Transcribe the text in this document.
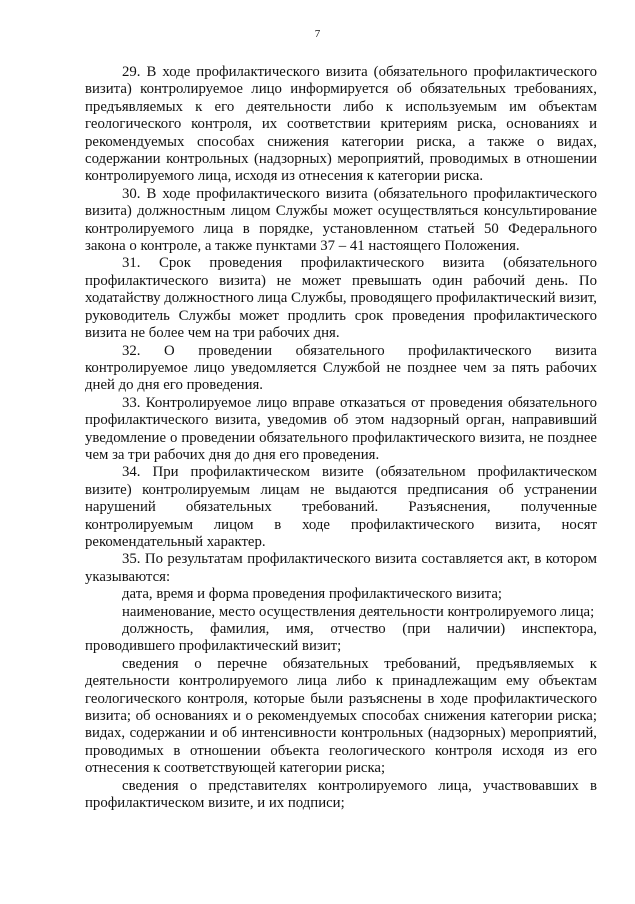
7

29. В ходе профилактического визита (обязательного профилактического визита) контролируемое лицо информируется об обязательных требованиях, предъявляемых к его деятельности либо к используемым им объектам геологического контроля, их соответствии критериям риска, основаниях и рекомендуемых способах снижения категории риска, а также о видах, содержании контрольных (надзорных) мероприятий, проводимых в отношении контролируемого лица, исходя из отнесения к категории риска.

30. В ходе профилактического визита (обязательного профилактического визита) должностным лицом Службы может осуществляться консультирование контролируемого лица в порядке, установленном статьей 50 Федерального закона о контроле, а также пунктами 37 – 41 настоящего Положения.

31. Срок проведения профилактического визита (обязательного профилактического визита) не может превышать один рабочий день. По ходатайству должностного лица Службы, проводящего профилактический визит, руководитель Службы может продлить срок проведения профилактического визита не более чем на три рабочих дня.

32. О проведении обязательного профилактического визита контролируемое лицо уведомляется Службой не позднее чем за пять рабочих дней до дня его проведения.

33. Контролируемое лицо вправе отказаться от проведения обязательного профилактического визита, уведомив об этом надзорный орган, направивший уведомление о проведении обязательного профилактического визита, не позднее чем за три рабочих дня до дня его проведения.

34. При профилактическом визите (обязательном профилактическом визите) контролируемым лицам не выдаются предписания об устранении нарушений обязательных требований. Разъяснения, полученные контролируемым лицом в ходе профилактического визита, носят рекомендательный характер.

35. По результатам профилактического визита составляется акт, в котором указываются:

дата, время и форма проведения профилактического визита;

наименование, место осуществления деятельности контролируемого лица;

должность, фамилия, имя, отчество (при наличии) инспектора, проводившего профилактический визит;

сведения о перечне обязательных требований, предъявляемых к деятельности контролируемого лица либо к принадлежащим ему объектам геологического контроля, которые были разъяснены в ходе профилактического визита; об основаниях и о рекомендуемых способах снижения категории риска; видах, содержании и об интенсивности контрольных (надзорных) мероприятий, проводимых в отношении объекта геологического контроля исходя из его отнесения к соответствующей категории риска;

сведения о представителях контролируемого лица, участвовавших в профилактическом визите, и их подписи;
